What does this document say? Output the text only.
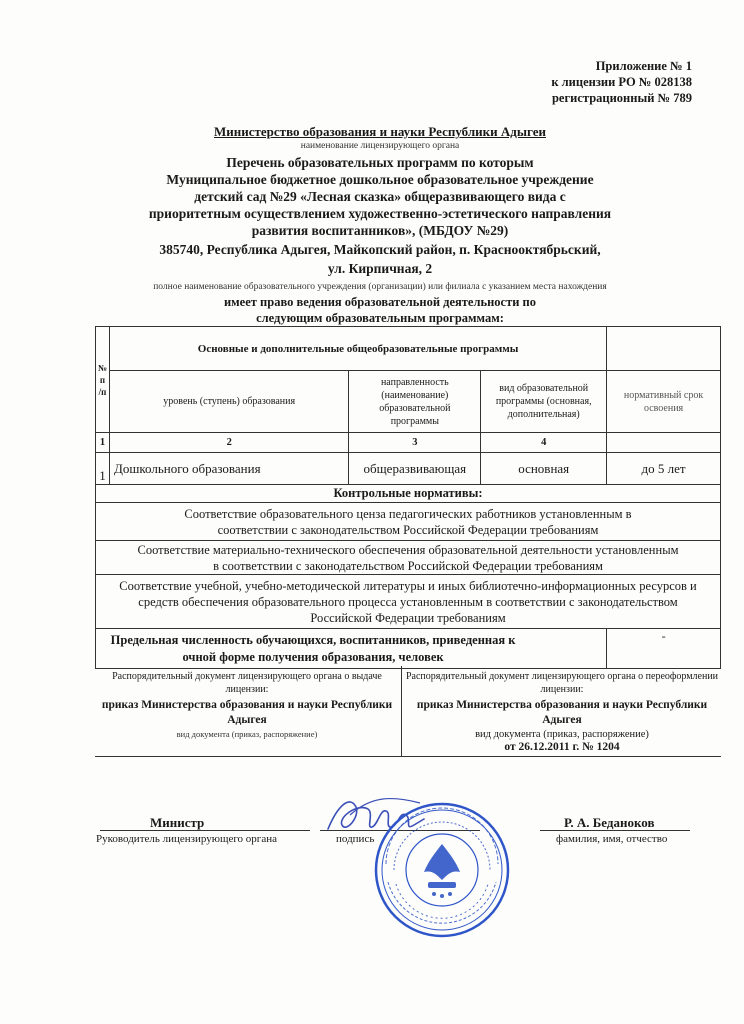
Приложение № 1
к лицензии РО № 028138
регистрационный № 789
Министерство образования и науки Республики Адыгеи
наименование лицензирующего органа
Перечень образовательных программ по которым
Муниципальное бюджетное дошкольное образовательное учреждение
детский сад №29 «Лесная сказка» общеразвивающего вида с
приоритетным осуществлением художественно-эстетического направления
развития воспитанников», (МБДОУ №29)
385740, Республика Адыгея, Майкопский район, п. Краснооктябрьский,
ул. Кирпичная, 2
полное наименование образовательного учреждения (организации) или филиала с указанием места нахождения
имеет право ведения образовательной деятельности по
следующим образовательным программам:
№
п
/п	Основные и дополнительные общеобразовательные программы			
	уровень (ступень) образования	направленность (наименование) образовательной программы	вид образовательной программы (основная, дополнительная)	нормативный срок освоения
1	2	3	4	
1	Дошкольного образования	общеразвивающая	основная	до 5 лет
Контрольные нормативы:				
Соответствие образовательного ценза педагогических работников установленным в соответствии с законодательством Российской Федерации требованиям				
Соответствие материально-технического обеспечения образовательной деятельности установленным в соответствии с законодательством Российской Федерации требованиям				
Соответствие учебной, учебно-методической литературы и иных библиотечно-информационных ресурсов и средств обеспечения образовательного процесса установленным в соответствии с законодательством Российской Федерации требованиям				
Предельная численность обучающихся, воспитанников, приведенная к очной форме получения образования, человек				-
Распорядительный документ лицензирующего органа о выдаче лицензии:
приказ Министерства образования и науки Республики Адыгея
вид документа (приказ, распоряжение)
Распорядительный документ лицензирующего органа о переоформлении лицензии:
приказ Министерства образования и науки Республики Адыгея
вид документа (приказ, распоряжение)
от 26.12.2011 г. № 1204
Министр
Руководитель лицензирующего органа	подпись
Р. А. Беданоков
фамилия, имя, отчество
